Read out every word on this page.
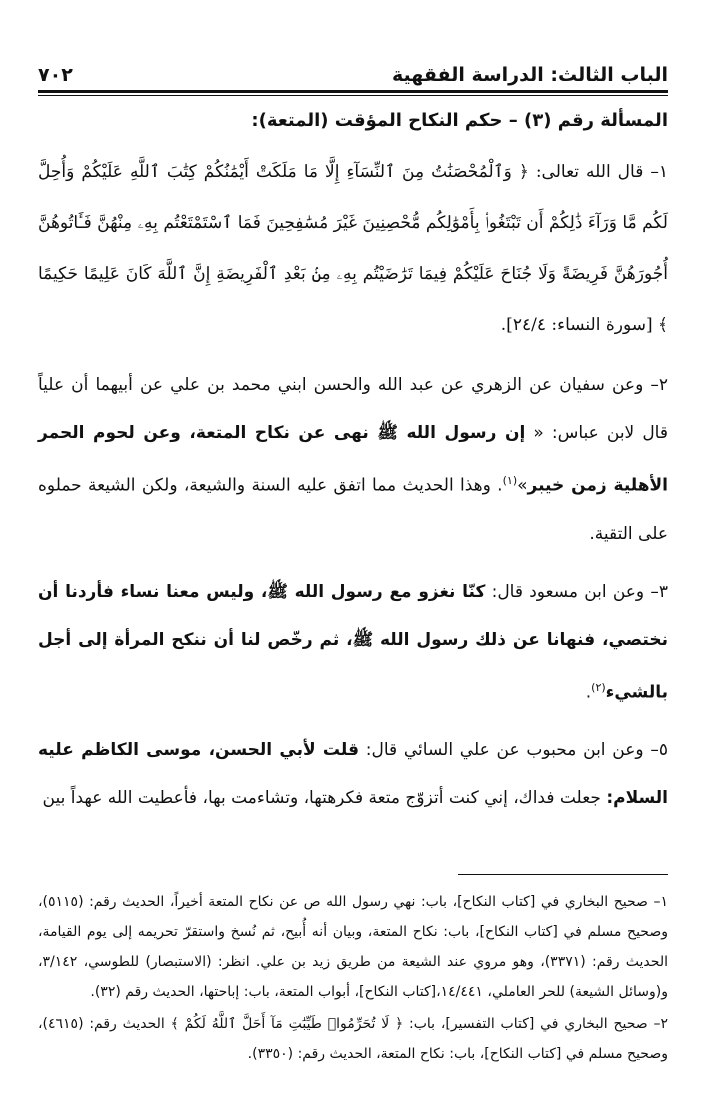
الباب الثالث: الدراسة الفقهية
٧٠٢
المسألة رقم (٣) – حكم النكاح المؤقت (المتعة):

١– قال الله تعالى: ﴿ وَٱلْمُحْصَنَٰتُ مِنَ ٱلنِّسَآءِ إِلَّا مَا مَلَكَتْ أَيْمَٰنُكُمْ كِتَٰبَ ٱللَّهِ عَلَيْكُمْ وَأُحِلَّ لَكُم مَّا وَرَآءَ ذَٰلِكُمْ أَن تَبْتَغُوا۟ بِأَمْوَٰلِكُم مُّحْصِنِينَ غَيْرَ مُسَٰفِحِينَ فَمَا ٱسْتَمْتَعْتُم بِهِۦ مِنْهُنَّ فَـَٔاتُوهُنَّ أُجُورَهُنَّ فَرِيضَةً وَلَا جُنَاحَ عَلَيْكُمْ فِيمَا تَرَٰضَيْتُم بِهِۦ مِنۢ بَعْدِ ٱلْفَرِيضَةِ إِنَّ ٱللَّهَ كَانَ عَلِيمًا حَكِيمًا ﴾ [سورة النساء: ٢٤/٤].

٢– وعن سفيان عن الزهري عن عبد الله والحسن ابني محمد بن علي عن أبيهما أن علياً قال لابن عباس: « إن رسول الله ﷺ نهى عن نكاح المتعة، وعن لحوم الحمر الأهلية زمن خيبر»$^{(١)}$. وهذا الحديث مما اتفق عليه السنة والشيعة، ولكن الشيعة حملوه على التقية.

٣– وعن ابن مسعود قال: كنّا نغزو مع رسول الله ﷺ، وليس معنا نساء فأردنا أن نختصي، فنهانا عن ذلك رسول الله ﷺ، ثم رخّص لنا أن ننكح المرأة إلى أجل بالشيء$^{(٢)}$.

٥– وعن ابن محبوب عن علي السائي قال: قلت لأبي الحسن، موسى الكاظم عليه السلام: جعلت فداك، إني كنت أتزوّج متعة فكرهتها، وتشاءمت بها، فأعطيت الله عهداً بين

١– صحيح البخاري في [كتاب النكاح]، باب: نهي رسول الله ص عن نكاح المتعة أخيراً، الحديث رقم: (٥١١٥)، وصحيح مسلم في [كتاب النكاح]، باب: نكاح المتعة، وبيان أنه أُبيح، ثم نُسخ واستقرّ تحريمه إلى يوم القيامة، الحديث رقم: (٣٣٧١)، وهو مروي عند الشيعة من طريق زيد بن علي. انظر: (الاستبصار) للطوسي، ٣/١٤٢، و(وسائل الشيعة) للحر العاملي، ١٤/٤٤١،[كتاب النكاح]، أبواب المتعة، باب: إباحتها، الحديث رقم (٣٢).

٢– صحيح البخاري في [كتاب التفسير]، باب: ﴿ لَا تُحَرِّمُوا۟ طَيِّبَٰتِ مَآ أَحَلَّ ٱللَّهُ لَكُمْ ﴾ الحديث رقم: (٤٦١٥)، وصحيح مسلم في [كتاب النكاح]، باب: نكاح المتعة، الحديث رقم: (٣٣٥٠).
